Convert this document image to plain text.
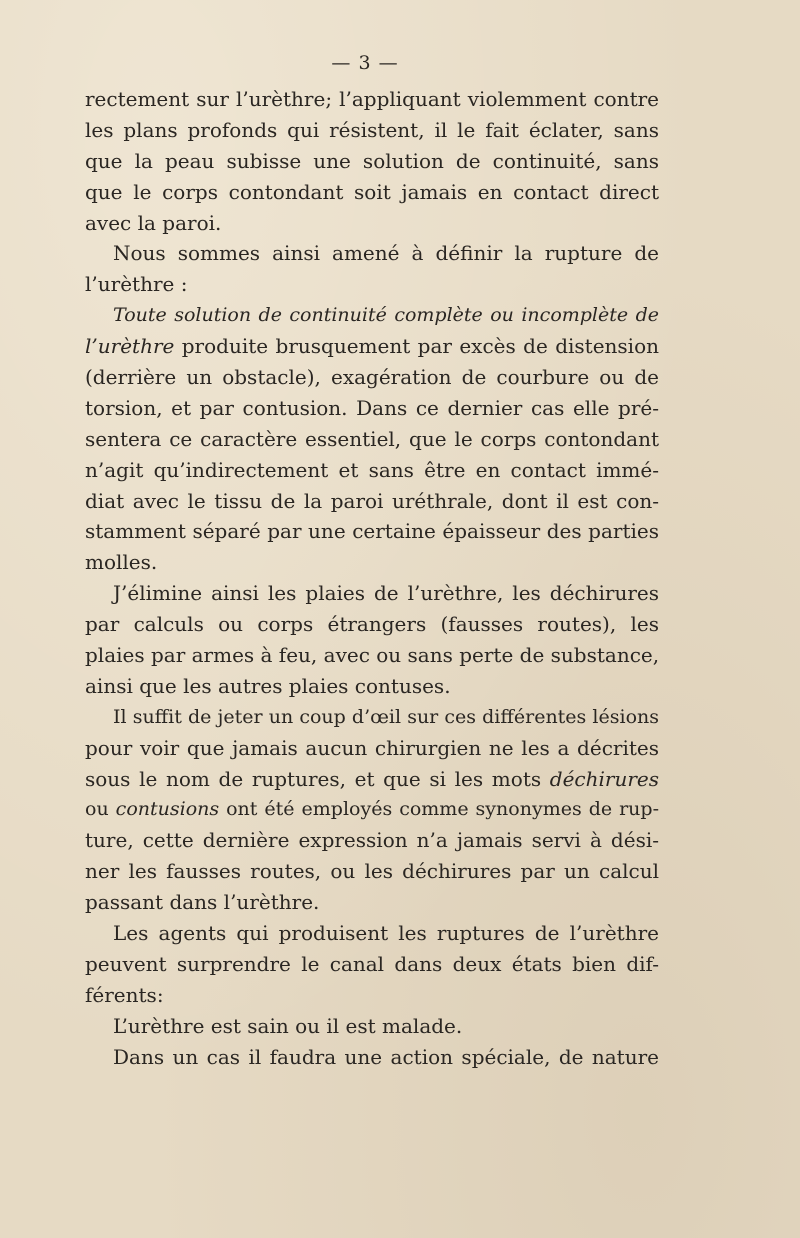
— 3 —
rectement sur l’urèthre; l’appliquant violemment contre
les plans profonds qui résistent, il le fait éclater, sans
que la peau subisse une solution de continuité, sans
que le corps contondant soit jamais en contact direct
avec la paroi.
Nous sommes ainsi amené à définir la rupture de
l’urèthre :
Toute solution de continuité complète ou incomplète de
l’urèthre produite brusquement par excès de distension
(derrière un obstacle), exagération de courbure ou de
torsion, et par contusion. Dans ce dernier cas elle pré-
sentera ce caractère essentiel, que le corps contondant
n’agit qu’indirectement et sans être en contact immé-
diat avec le tissu de la paroi uréthrale, dont il est con-
stamment séparé par une certaine épaisseur des parties
molles.
J’élimine ainsi les plaies de l’urèthre, les déchirures
par calculs ou corps étrangers (fausses routes), les
plaies par armes à feu, avec ou sans perte de substance,
ainsi que les autres plaies contuses.
Il suffit de jeter un coup d’œil sur ces différentes lésions
pour voir que jamais aucun chirurgien ne les a décrites
sous le nom de ruptures, et que si les mots déchirures
ou contusions ont été employés comme synonymes de rup-
ture, cette dernière expression n’a jamais servi à dési-
ner les fausses routes, ou les déchirures par un calcul
passant dans l’urèthre.
Les agents qui produisent les ruptures de l’urèthre
peuvent surprendre le canal dans deux états bien dif-
férents:
L’urèthre est sain ou il est malade.
Dans un cas il faudra une action spéciale, de nature
